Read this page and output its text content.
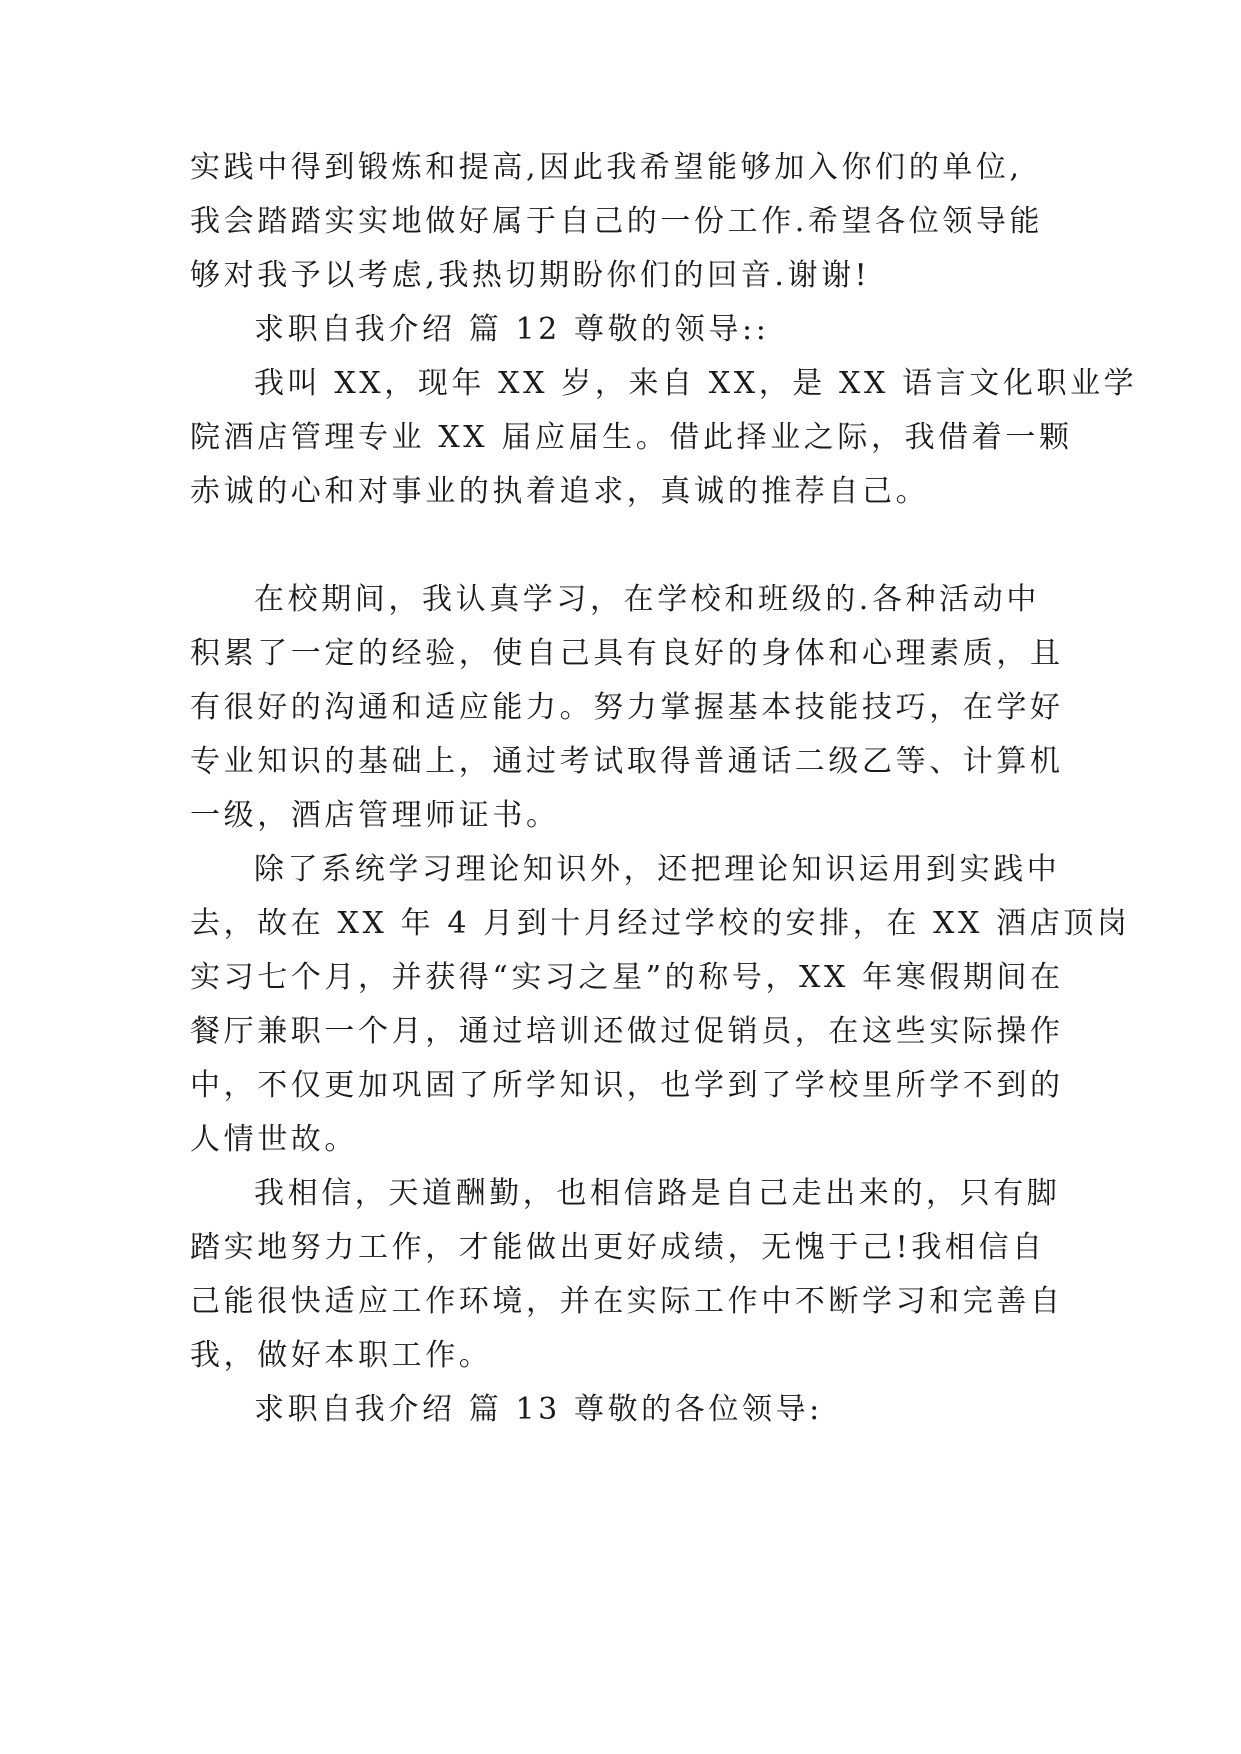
实践中得到锻炼和提高,因此我希望能够加入你们的单位,

我会踏踏实实地做好属于自己的一份工作.希望各位领导能

够对我予以考虑,我热切期盼你们的回音.谢谢!

求职自我介绍 篇 12 尊敬的领导::

我叫 XX，现年 XX 岁，来自 XX，是 XX 语言文化职业学

院酒店管理专业 XX 届应届生。借此择业之际，我借着一颗

赤诚的心和对事业的执着追求，真诚的推荐自己。

在校期间，我认真学习，在学校和班级的.各种活动中

积累了一定的经验，使自己具有良好的身体和心理素质，且

有很好的沟通和适应能力。努力掌握基本技能技巧，在学好

专业知识的基础上，通过考试取得普通话二级乙等、计算机

一级，酒店管理师证书。

除了系统学习理论知识外，还把理论知识运用到实践中

去，故在 XX 年 4 月到十月经过学校的安排，在 XX 酒店顶岗

实习七个月，并获得“实习之星”的称号，XX 年寒假期间在

餐厅兼职一个月，通过培训还做过促销员，在这些实际操作

中，不仅更加巩固了所学知识，也学到了学校里所学不到的

人情世故。

我相信，天道酬勤，也相信路是自己走出来的，只有脚

踏实地努力工作，才能做出更好成绩，无愧于己!我相信自

己能很快适应工作环境，并在实际工作中不断学习和完善自

我，做好本职工作。

求职自我介绍 篇 13 尊敬的各位领导:
